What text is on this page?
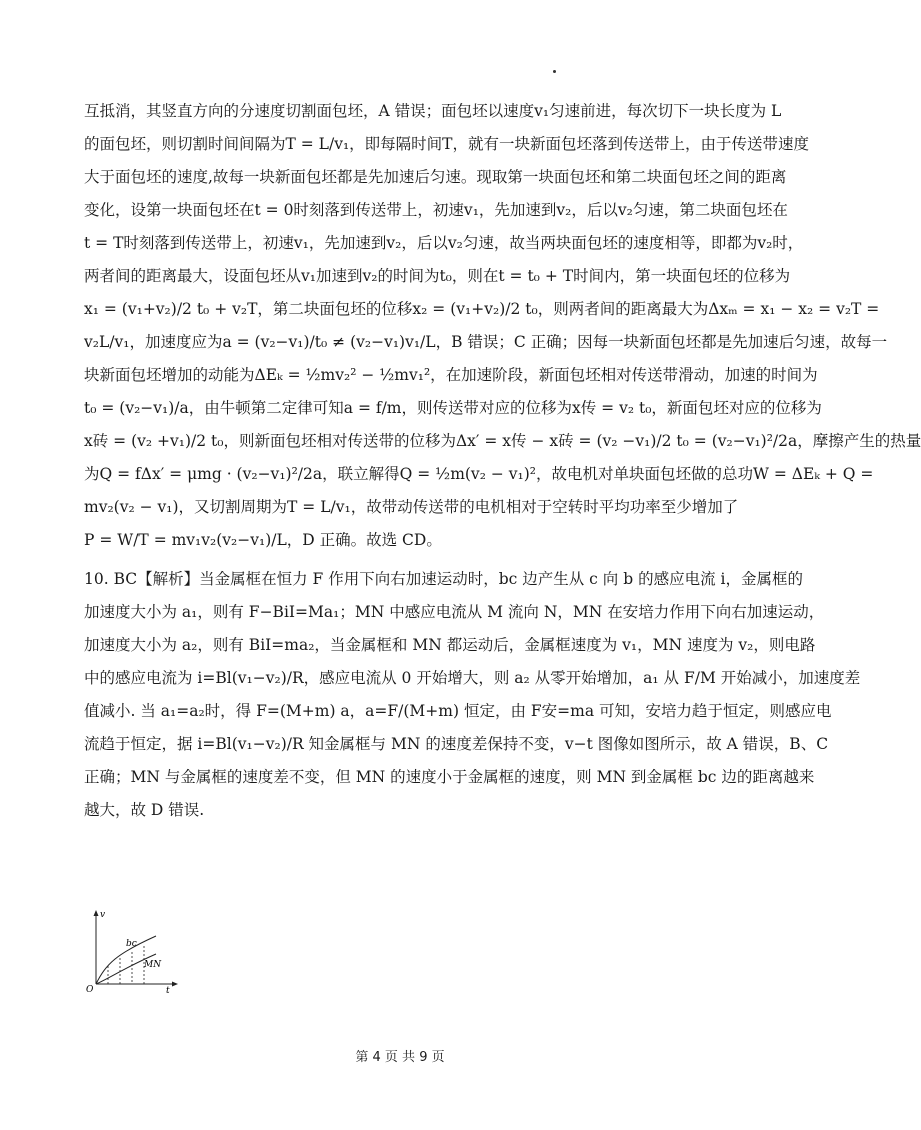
互抵消，其竖直方向的分速度切割面包坯，A 错误；面包坯以速度v₁匀速前进，每次切下一块长度为 L
的面包坯，则切割时间间隔为T = L/v₁，即每隔时间T，就有一块新面包坯落到传送带上，由于传送带速度
大于面包坯的速度,故每一块新面包坯都是先加速后匀速。现取第一块面包坯和第二块面包坯之间的距离
变化，设第一块面包坯在t = 0时刻落到传送带上，初速v₁，先加速到v₂，后以v₂匀速，第二块面包坯在
t = T时刻落到传送带上，初速v₁，先加速到v₂，后以v₂匀速，故当两块面包坯的速度相等，即都为v₂时，
两者间的距离最大，设面包坯从v₁加速到v₂的时间为t₀，则在t = t₀ + T时间内，第一块面包坯的位移为
x₁ = (v₁+v₂)/2 t₀ + v₂T，第二块面包坯的位移x₂ = (v₁+v₂)/2 t₀，则两者间的距离最大为Δxₘ = x₁ − x₂ = v₂T =
v₂L/v₁，加速度应为a = (v₂−v₁)/t₀ ≠ (v₂−v₁)v₁/L，B 错误；C 正确；因每一块新面包坯都是先加速后匀速，故每一
块新面包坯增加的动能为ΔEₖ = ½mv₂² − ½mv₁²，在加速阶段，新面包坯相对传送带滑动，加速的时间为
t₀ = (v₂−v₁)/a，由牛顿第二定律可知a = f/m，则传送带对应的位移为x传 = v₂ t₀，新面包坯对应的位移为
x砖 = (v₂ +v₁)/2 t₀，则新面包坯相对传送带的位移为Δx′ = x传 − x砖 = (v₂ −v₁)/2 t₀ = (v₂−v₁)²/2a，摩擦产生的热量
为Q = fΔx′ = μmg · (v₂−v₁)²/2a，联立解得Q = ½m(v₂ − v₁)²，故电机对单块面包坯做的总功W = ΔEₖ + Q =
mv₂(v₂ − v₁)，又切割周期为T = L/v₁，故带动传送带的电机相对于空转时平均功率至少增加了
P = W/T = mv₁v₂(v₂−v₁)/L，D 正确。故选 CD。
10. BC【解析】当金属框在恒力 F 作用下向右加速运动时，bc 边产生从 c 向 b 的感应电流 i，金属框的
加速度大小为 a₁，则有 F−BiI=Ma₁；MN 中感应电流从 M 流向 N，MN 在安培力作用下向右加速运动，
加速度大小为 a₂，则有 BiI=ma₂，当金属框和 MN 都运动后，金属框速度为 v₁，MN 速度为 v₂，则电路
中的感应电流为 i=Bl(v₁−v₂)/R，感应电流从 0 开始增大，则 a₂ 从零开始增加，a₁ 从 F/M 开始减小，加速度差
值减小. 当 a₁=a₂时，得 F=(M+m) a，a=F/(M+m) 恒定，由 F安=ma 可知，安培力趋于恒定，则感应电
流趋于恒定，据 i=Bl(v₁−v₂)/R 知金属框与 MN 的速度差保持不变，v−t 图像如图所示，故 A 错误，B、C
正确；MN 与金属框的速度差不变，但 MN 的速度小于金属框的速度，则 MN 到金属框 bc 边的距离越来
越大，故 D 错误.
v
t
O
bc
MN
第 4 页 共 9 页
